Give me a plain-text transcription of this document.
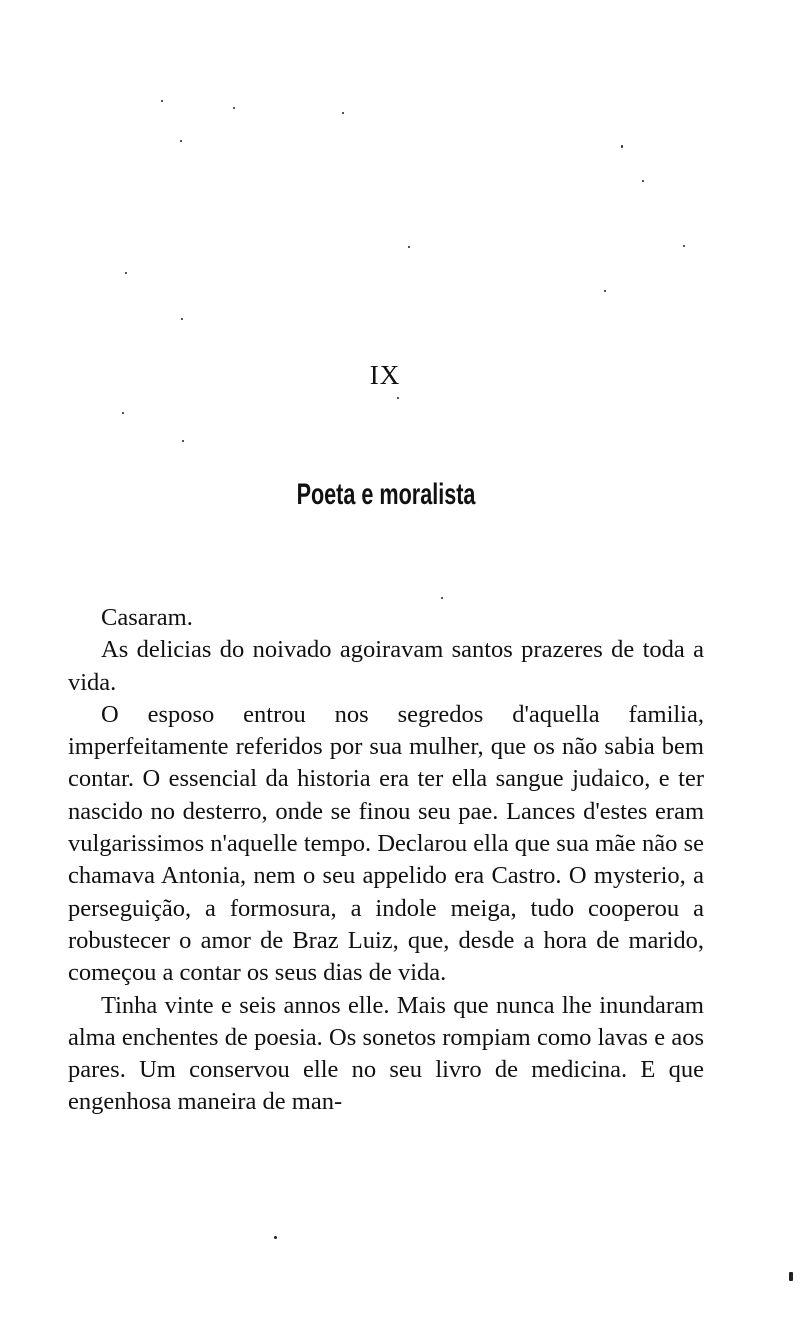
IX
Poeta e moralista

Casaram.

As delicias do noivado agoiravam santos prazeres de toda a vida.

O esposo entrou nos segredos d'aquella familia, imperfeitamente referidos por sua mulher, que os não sabia bem contar. O essencial da historia era ter ella sangue judaico, e ter nascido no desterro, onde se finou seu pae. Lances d'estes eram vulgarissimos n'aquelle tempo. Declarou ella que sua mãe não se chamava Antonia, nem o seu appelido era Castro. O mysterio, a perseguição, a formosura, a indole meiga, tudo cooperou a robustecer o amor de Braz Luiz, que, desde a hora de marido, começou a contar os seus dias de vida.

Tinha vinte e seis annos elle. Mais que nunca lhe inundaram alma enchentes de poesia. Os sonetos rompiam como lavas e aos pares. Um conservou elle no seu livro de medicina. E que engenhosa maneira de man-
